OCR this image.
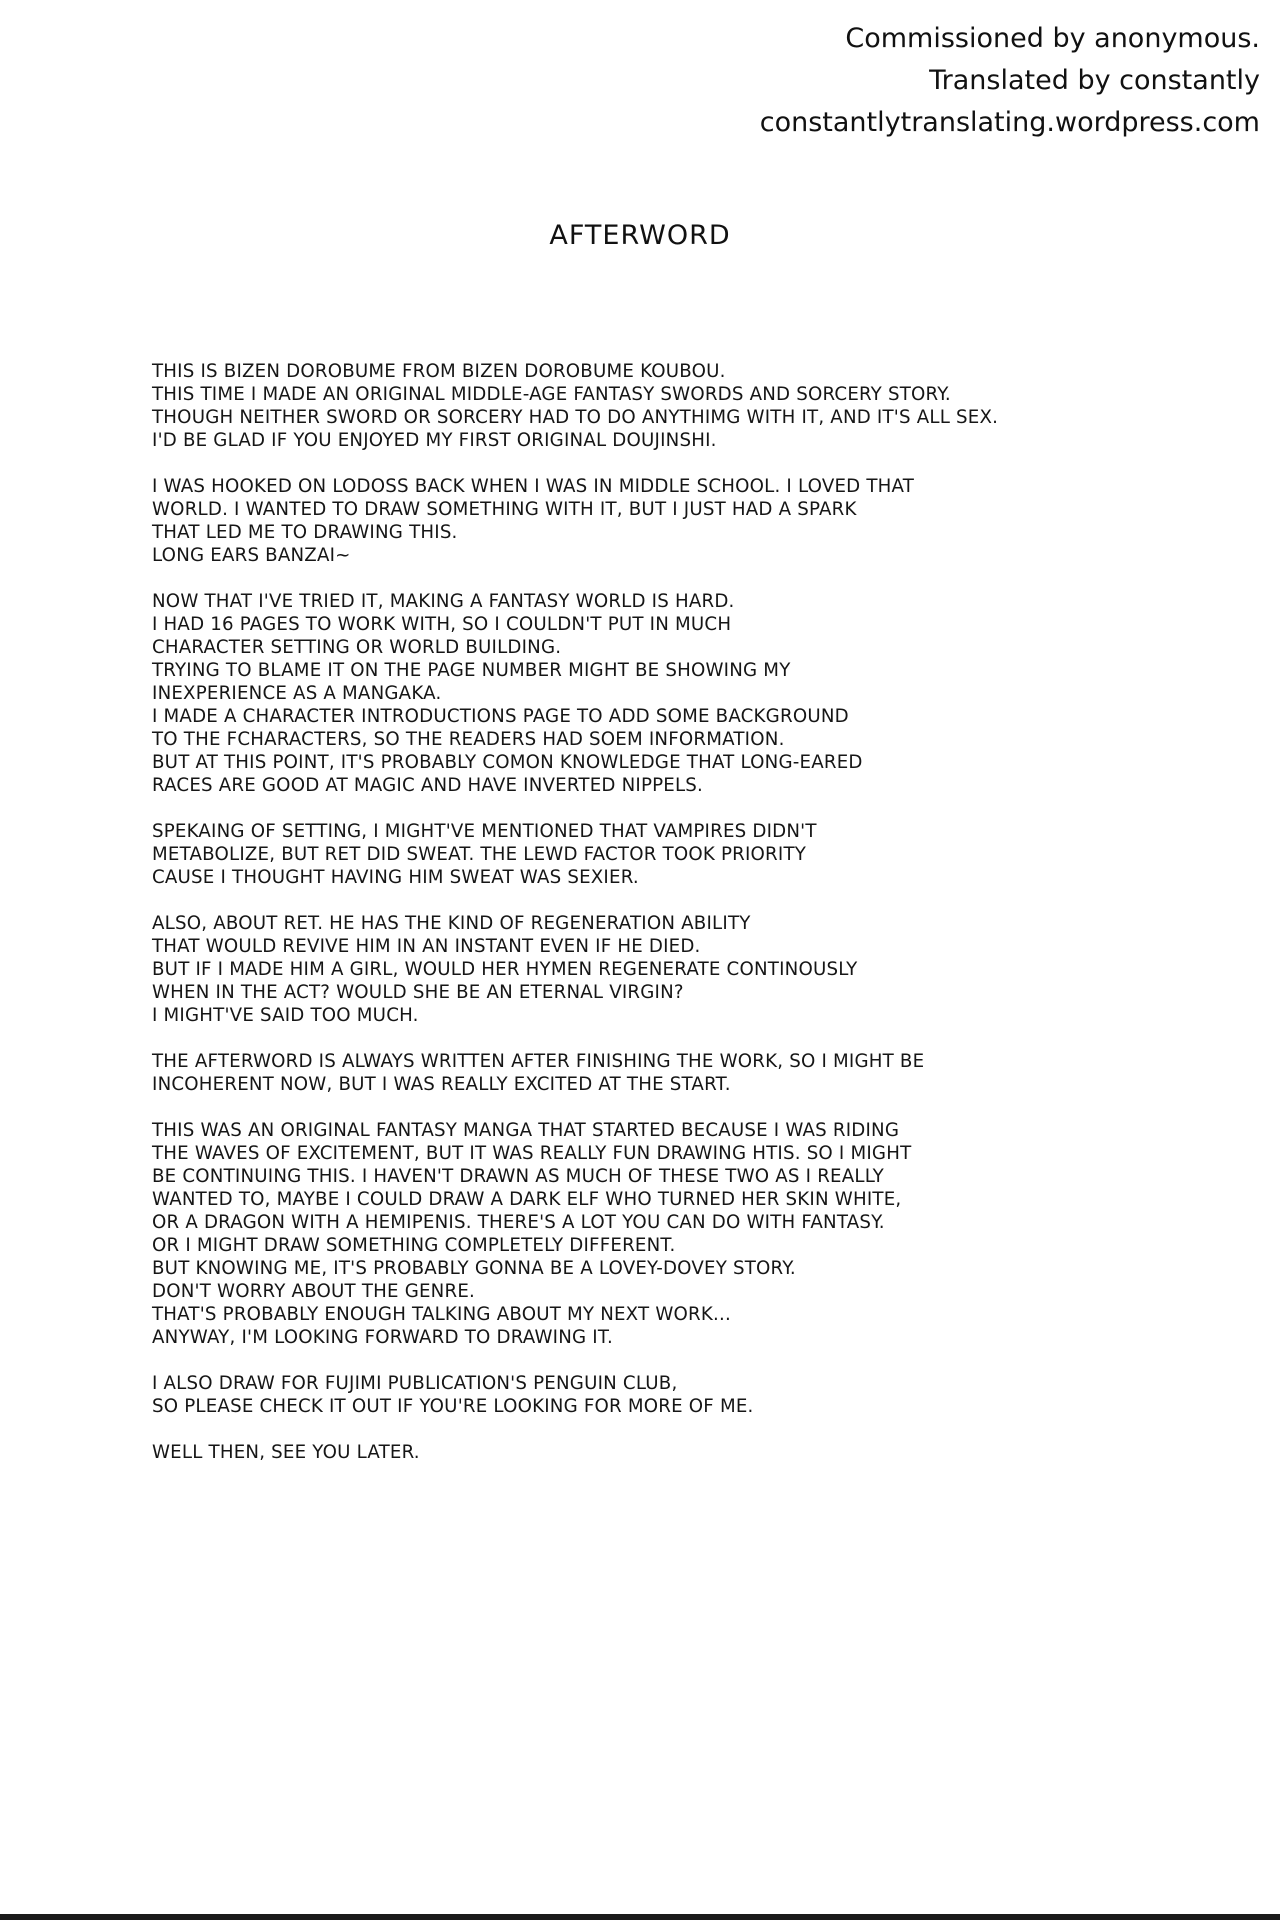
Commissioned by anonymous.
Translated by constantly
constantlytranslating.wordpress.com
AFTERWORD
THIS IS BIZEN DOROBUME FROM BIZEN DOROBUME KOUBOU.
THIS TIME I MADE AN ORIGINAL MIDDLE-AGE FANTASY SWORDS AND SORCERY STORY.
THOUGH NEITHER SWORD OR SORCERY HAD TO DO ANYTHIMG WITH IT, AND IT'S ALL SEX.
I'D BE GLAD IF YOU ENJOYED MY FIRST ORIGINAL DOUJINSHI.
I WAS HOOKED ON LODOSS BACK WHEN I WAS IN MIDDLE SCHOOL. I LOVED THAT
WORLD. I WANTED TO DRAW SOMETHING WITH IT, BUT I JUST HAD A SPARK
THAT LED ME TO DRAWING THIS.
LONG EARS BANZAI~
NOW THAT I'VE TRIED IT, MAKING A FANTASY WORLD IS HARD.
I HAD 16 PAGES TO WORK WITH, SO I COULDN'T PUT IN MUCH
CHARACTER SETTING OR WORLD BUILDING.
TRYING TO BLAME IT ON THE PAGE NUMBER MIGHT BE SHOWING MY
INEXPERIENCE AS A MANGAKA.
I MADE A CHARACTER INTRODUCTIONS PAGE TO ADD SOME BACKGROUND
TO THE FCHARACTERS, SO THE READERS HAD SOEM INFORMATION.
BUT AT THIS POINT, IT'S PROBABLY COMON KNOWLEDGE THAT LONG-EARED
RACES ARE GOOD AT MAGIC AND HAVE INVERTED NIPPELS.
SPEKAING OF SETTING, I MIGHT'VE MENTIONED THAT VAMPIRES DIDN'T
METABOLIZE, BUT RET DID SWEAT. THE LEWD FACTOR TOOK PRIORITY
CAUSE I THOUGHT HAVING HIM SWEAT WAS SEXIER.
ALSO, ABOUT RET. HE HAS THE KIND OF REGENERATION ABILITY
THAT WOULD REVIVE HIM IN AN INSTANT EVEN IF HE DIED.
BUT IF I MADE HIM A GIRL, WOULD HER HYMEN REGENERATE CONTINOUSLY
WHEN IN THE ACT? WOULD SHE BE AN ETERNAL VIRGIN?
I MIGHT'VE SAID TOO MUCH.
THE AFTERWORD IS ALWAYS WRITTEN AFTER FINISHING THE WORK, SO I MIGHT BE
INCOHERENT NOW, BUT I WAS REALLY EXCITED AT THE START.
THIS WAS AN ORIGINAL FANTASY MANGA THAT STARTED BECAUSE I WAS RIDING
THE WAVES OF EXCITEMENT, BUT IT WAS REALLY FUN DRAWING HTIS. SO I MIGHT
BE CONTINUING THIS. I HAVEN'T DRAWN AS MUCH OF THESE TWO AS I REALLY
WANTED TO, MAYBE I COULD DRAW A DARK ELF WHO TURNED HER SKIN WHITE,
OR A DRAGON WITH A HEMIPENIS. THERE'S A LOT YOU CAN DO WITH FANTASY.
OR I MIGHT DRAW SOMETHING COMPLETELY DIFFERENT.
BUT KNOWING ME, IT'S PROBABLY GONNA BE A LOVEY-DOVEY STORY.
DON'T WORRY ABOUT THE GENRE.
THAT'S PROBABLY ENOUGH TALKING ABOUT MY NEXT WORK...
ANYWAY, I'M LOOKING FORWARD TO DRAWING IT.
I ALSO DRAW FOR FUJIMI PUBLICATION'S PENGUIN CLUB,
SO PLEASE CHECK IT OUT IF YOU'RE LOOKING FOR MORE OF ME.
WELL THEN, SEE YOU LATER.
